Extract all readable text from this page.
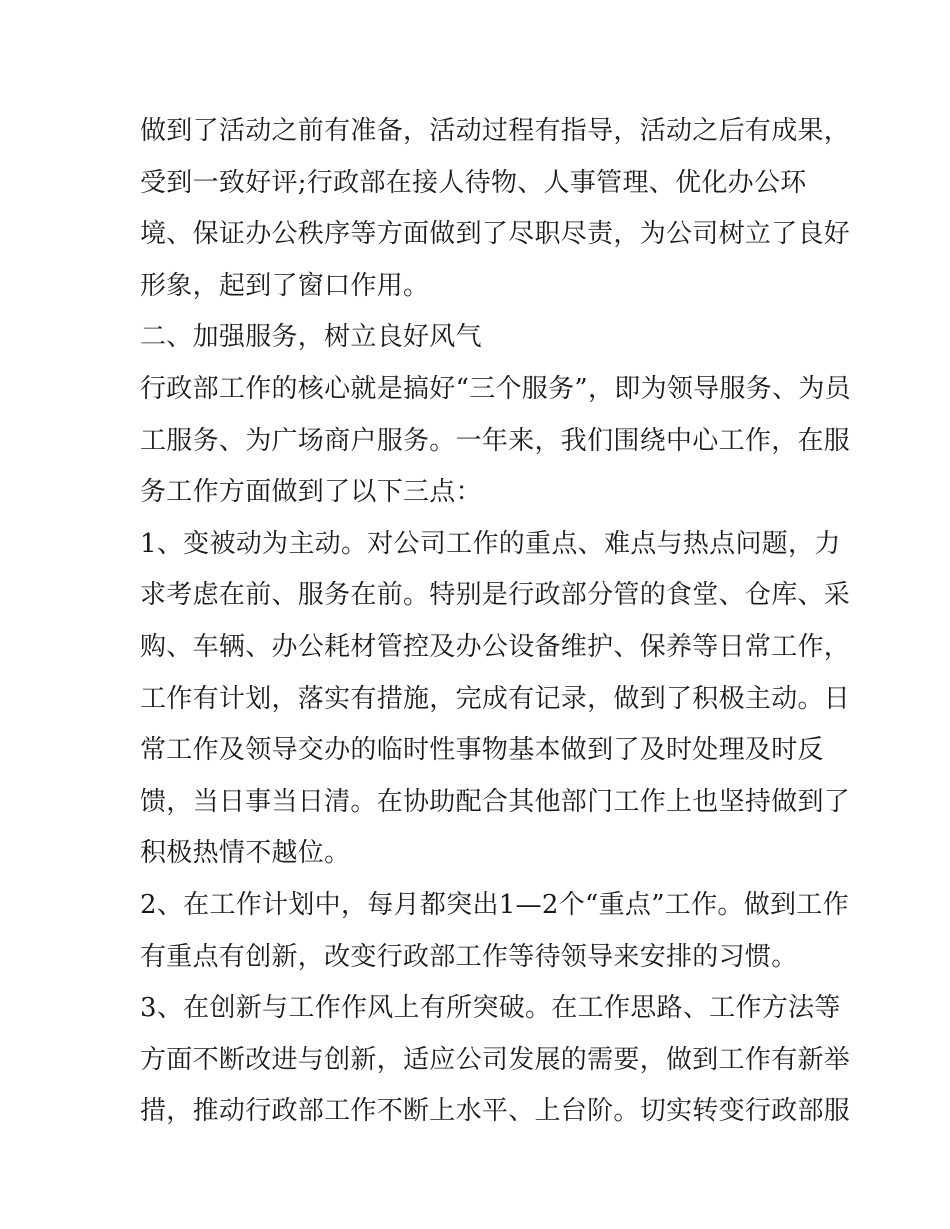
做到了活动之前有准备，活动过程有指导，活动之后有成果，
受到一致好评;行政部在接人待物、人事管理、优化办公环
境、保证办公秩序等方面做到了尽职尽责，为公司树立了良好
形象，起到了窗口作用。
二、加强服务，树立良好风气
行政部工作的核心就是搞好“三个服务”，即为领导服务、为员
工服务、为广场商户服务。一年来，我们围绕中心工作，在服
务工作方面做到了以下三点：
1、变被动为主动。对公司工作的重点、难点与热点问题，力
求考虑在前、服务在前。特别是行政部分管的食堂、仓库、采
购、车辆、办公耗材管控及办公设备维护、保养等日常工作，
工作有计划，落实有措施，完成有记录，做到了积极主动。日
常工作及领导交办的临时性事物基本做到了及时处理及时反
馈，当日事当日清。在协助配合其他部门工作上也坚持做到了
积极热情不越位。
2、在工作计划中，每月都突出1—2个“重点”工作。做到工作
有重点有创新，改变行政部工作等待领导来安排的习惯。
3、在创新与工作作风上有所突破。在工作思路、工作方法等
方面不断改进与创新，适应公司发展的需要，做到工作有新举
措，推动行政部工作不断上水平、上台阶。切实转变行政部服
